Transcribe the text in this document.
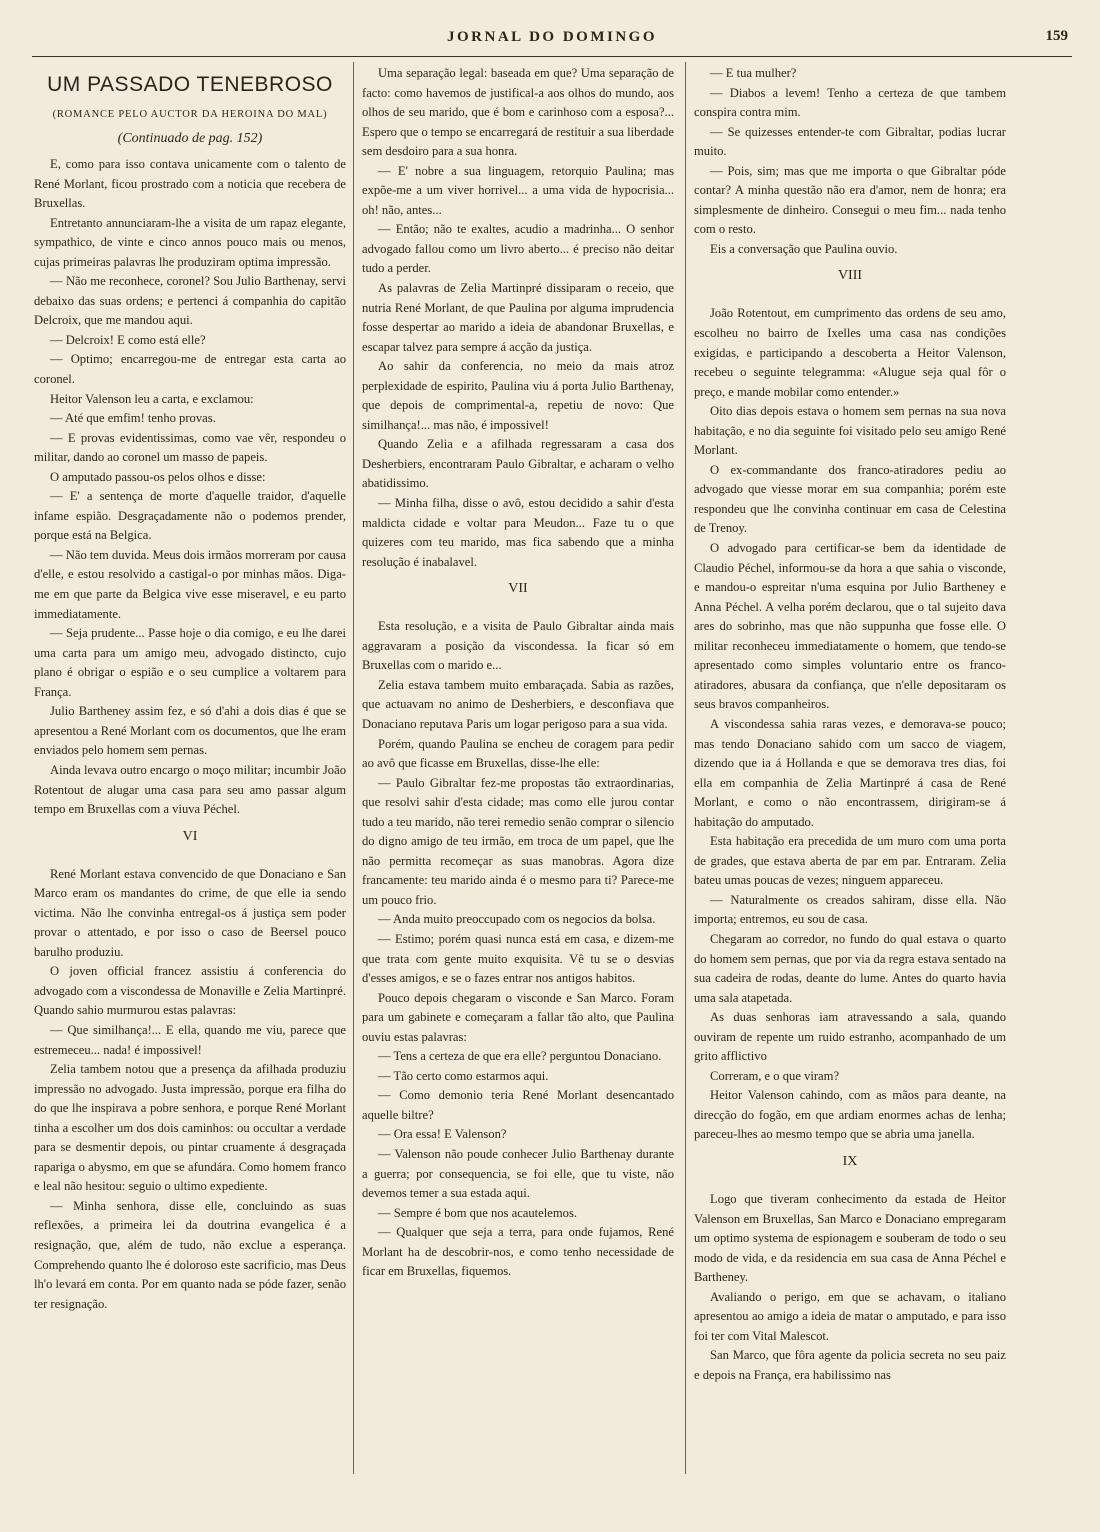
JORNAL DO DOMINGO	159
UM PASSADO TENEBROSO
(ROMANCE PELO AUCTOR DA HEROINA DO MAL)
(Continuado de pag. 152)

E, como para isso contava unicamente com o talento de René Morlant, ficou prostrado com a noticia que recebera de Bruxellas.

Entretanto annunciaram-lhe a visita de um rapaz elegante, sympathico, de vinte e cinco annos pouco mais ou menos, cujas primeiras palavras lhe produziram optima impressão.

— Não me reconhece, coronel? Sou Julio Barthenay, servi debaixo das suas ordens; e pertenci á companhia do capitão Delcroix, que me mandou aqui.

— Delcroix! E como está elle?

— Optimo; encarregou-me de entregar esta carta ao coronel.

Heitor Valenson leu a carta, e exclamou:

— Até que emfim! tenho provas.

— E provas evidentissimas, como vae vêr, respondeu o militar, dando ao coronel um masso de papeis.

O amputado passou-os pelos olhos e disse:

— E' a sentença de morte d'aquelle traidor, d'aquelle infame espião. Desgraçadamente não o podemos prender, porque está na Belgica.

— Não tem duvida. Meus dois irmãos morreram por causa d'elle, e estou resolvido a castigal-o por minhas mãos. Diga-me em que parte da Belgica vive esse miseravel, e eu parto immediatamente.

— Seja prudente... Passe hoje o dia comigo, e eu lhe darei uma carta para um amigo meu, advogado distincto, cujo plano é obrigar o espião e o seu cumplice a voltarem para França.

Julio Bartheney assim fez, e só d'ahi a dois dias é que se apresentou a René Morlant com os documentos, que lhe eram enviados pelo homem sem pernas.

Ainda levava outro encargo o moço militar; incumbir João Rotentout de alugar uma casa para seu amo passar algum tempo em Bruxellas com a viuva Péchel.

VI

René Morlant estava convencido de que Donaciano e San Marco eram os mandantes do crime, de que elle ia sendo victima. Não lhe convinha entregal-os á justiça sem poder provar o attentado, e por isso o caso de Beersel pouco barulho produziu.

O joven official francez assistiu á conferencia do advogado com a viscondessa de Monaville e Zelia Martinpré. Quando sahio murmurou estas palavras:

— Que similhança!... E ella, quando me viu, parece que estremeceu... nada! é impossivel!

Zelia tambem notou que a presença da afilhada produziu impressão no advogado. Justa impressão, porque era filha do do que lhe inspirava a pobre senhora, e porque René Morlant tinha a escolher um dos dois caminhos: ou occultar a verdade para se desmentir depois, ou pintar cruamente á desgraçada rapariga o abysmo, em que se afundára. Como homem franco e leal não hesitou: seguio o ultimo expediente.

— Minha senhora, disse elle, concluindo as suas reflexões, a primeira lei da doutrina evangelica é a resignação, que, além de tudo, não exclue a esperança. Comprehendo quanto lhe é doloroso este sacrificio, mas Deus lh'o levará em conta. Por em quanto nada se póde fazer, senão ter resignação.

Uma separação legal: baseada em que? Uma separação de facto: como havemos de justifical-a aos olhos do mundo, aos olhos de seu marido, que é bom e carinhoso com a esposa?... Espero que o tempo se encarregará de restituir a sua liberdade sem desdoiro para a sua honra.

— E' nobre a sua linguagem, retorquio Paulina; mas expõe-me a um viver horrivel... a uma vida de hypocrisia... oh! não, antes...

— Então; não te exaltes, acudio a madrinha... O senhor advogado fallou como um livro aberto... é preciso não deitar tudo a perder.

As palavras de Zelia Martinpré dissiparam o receio, que nutria René Morlant, de que Paulina por alguma imprudencia fosse despertar ao marido a ideia de abandonar Bruxellas, e escapar talvez para sempre á acção da justiça.

Ao sahir da conferencia, no meio da mais atroz perplexidade de espirito, Paulina viu á porta Julio Barthenay, que depois de comprimental-a, repetiu de novo: Que similhança!... mas não, é impossivel!

Quando Zelia e a afilhada regressaram a casa dos Desherbiers, encontraram Paulo Gibraltar, e acharam o velho abatidissimo.

— Minha filha, disse o avô, estou decidido a sahir d'esta maldicta cidade e voltar para Meudon... Faze tu o que quizeres com teu marido, mas fica sabendo que a minha resolução é inabalavel.

VII

Esta resolução, e a visita de Paulo Gibraltar ainda mais aggravaram a posição da viscondessa. Ia ficar só em Bruxellas com o marido e...

Zelia estava tambem muito embaraçada. Sabia as razões, que actuavam no animo de Desherbiers, e desconfiava que Donaciano reputava Paris um logar perigoso para a sua vida.

Porém, quando Paulina se encheu de coragem para pedir ao avô que ficasse em Bruxellas, disse-lhe elle:

— Paulo Gibraltar fez-me propostas tão extraordinarias, que resolvi sahir d'esta cidade; mas como elle jurou contar tudo a teu marido, não terei remedio senão comprar o silencio do digno amigo de teu irmão, em troca de um papel, que lhe não permitta recomeçar as suas manobras. Agora dize francamente: teu marido ainda é o mesmo para ti? Parece-me um pouco frio.

— Anda muito preoccupado com os negocios da bolsa.

— Estimo; porém quasi nunca está em casa, e dizem-me que trata com gente muito exquisita. Vê tu se o desvias d'esses amigos, e se o fazes entrar nos antigos habitos.

Pouco depois chegaram o visconde e San Marco. Foram para um gabinete e começaram a fallar tão alto, que Paulina ouviu estas palavras:

— Tens a certeza de que era elle? perguntou Donaciano.

— Tão certo como estarmos aqui.

— Como demonio teria René Morlant desencantado aquelle biltre?

— Ora essa! E Valenson?

— Valenson não poude conhecer Julio Barthenay durante a guerra; por consequencia, se foi elle, que tu viste, não devemos temer a sua estada aqui.

— Sempre é bom que nos acautelemos.

— Qualquer que seja a terra, para onde fujamos, René Morlant ha de descobrir-nos, e como tenho necessidade de ficar em Bruxellas, fiquemos.

— E tua mulher?

— Diabos a levem! Tenho a certeza de que tambem conspira contra mim.

— Se quizesses entender-te com Gibraltar, podias lucrar muito.

— Pois, sim; mas que me importa o que Gibraltar póde contar? A minha questão não era d'amor, nem de honra; era simplesmente de dinheiro. Consegui o meu fim... nada tenho com o resto.

Eis a conversação que Paulina ouvio.

VIII

João Rotentout, em cumprimento das ordens de seu amo, escolheu no bairro de Ixelles uma casa nas condições exigidas, e participando a descoberta a Heitor Valenson, recebeu o seguinte telegramma: «Alugue seja qual fôr o preço, e mande mobilar como entender.»

Oito dias depois estava o homem sem pernas na sua nova habitação, e no dia seguinte foi visitado pelo seu amigo René Morlant.

O ex-commandante dos franco-atiradores pediu ao advogado que viesse morar em sua companhia; porém este respondeu que lhe convinha continuar em casa de Celestina de Trenoy.

O advogado para certificar-se bem da identidade de Claudio Péchel, informou-se da hora a que sahia o visconde, e mandou-o espreitar n'uma esquina por Julio Bartheney e Anna Péchel. A velha porém declarou, que o tal sujeito dava ares do sobrinho, mas que não suppunha que fosse elle. O militar reconheceu immediatamente o homem, que tendo-se apresentado como simples voluntario entre os franco-atiradores, abusara da confiança, que n'elle depositaram os seus bravos companheiros.

A viscondessa sahia raras vezes, e demorava-se pouco; mas tendo Donaciano sahido com um sacco de viagem, dizendo que ia á Hollanda e que se demorava tres dias, foi ella em companhia de Zelia Martinpré á casa de René Morlant, e como o não encontrassem, dirigiram-se á habitação do amputado.

Esta habitação era precedida de um muro com uma porta de grades, que estava aberta de par em par. Entraram. Zelia bateu umas poucas de vezes; ninguem appareceu.

— Naturalmente os creados sahiram, disse ella. Não importa; entremos, eu sou de casa.

Chegaram ao corredor, no fundo do qual estava o quarto do homem sem pernas, que por via da regra estava sentado na sua cadeira de rodas, deante do lume. Antes do quarto havia uma sala atapetada.

As duas senhoras iam atravessando a sala, quando ouviram de repente um ruido estranho, acompanhado de um grito afflictivo

Correram, e o que viram?

Heitor Valenson cahindo, com as mãos para deante, na direcção do fogão, em que ardiam enormes achas de lenha; pareceu-lhes ao mesmo tempo que se abria uma janella.

IX

Logo que tiveram conhecimento da estada de Heitor Valenson em Bruxellas, San Marco e Donaciano empregaram um optimo systema de espionagem e souberam de todo o seu modo de vida, e da residencia em sua casa de Anna Péchel e Bartheney.

Avaliando o perigo, em que se achavam, o italiano apresentou ao amigo a ideia de matar o amputado, e para isso foi ter com Vital Malescot.

San Marco, que fôra agente da policia secreta no seu paiz e depois na França, era habilissimo nas
